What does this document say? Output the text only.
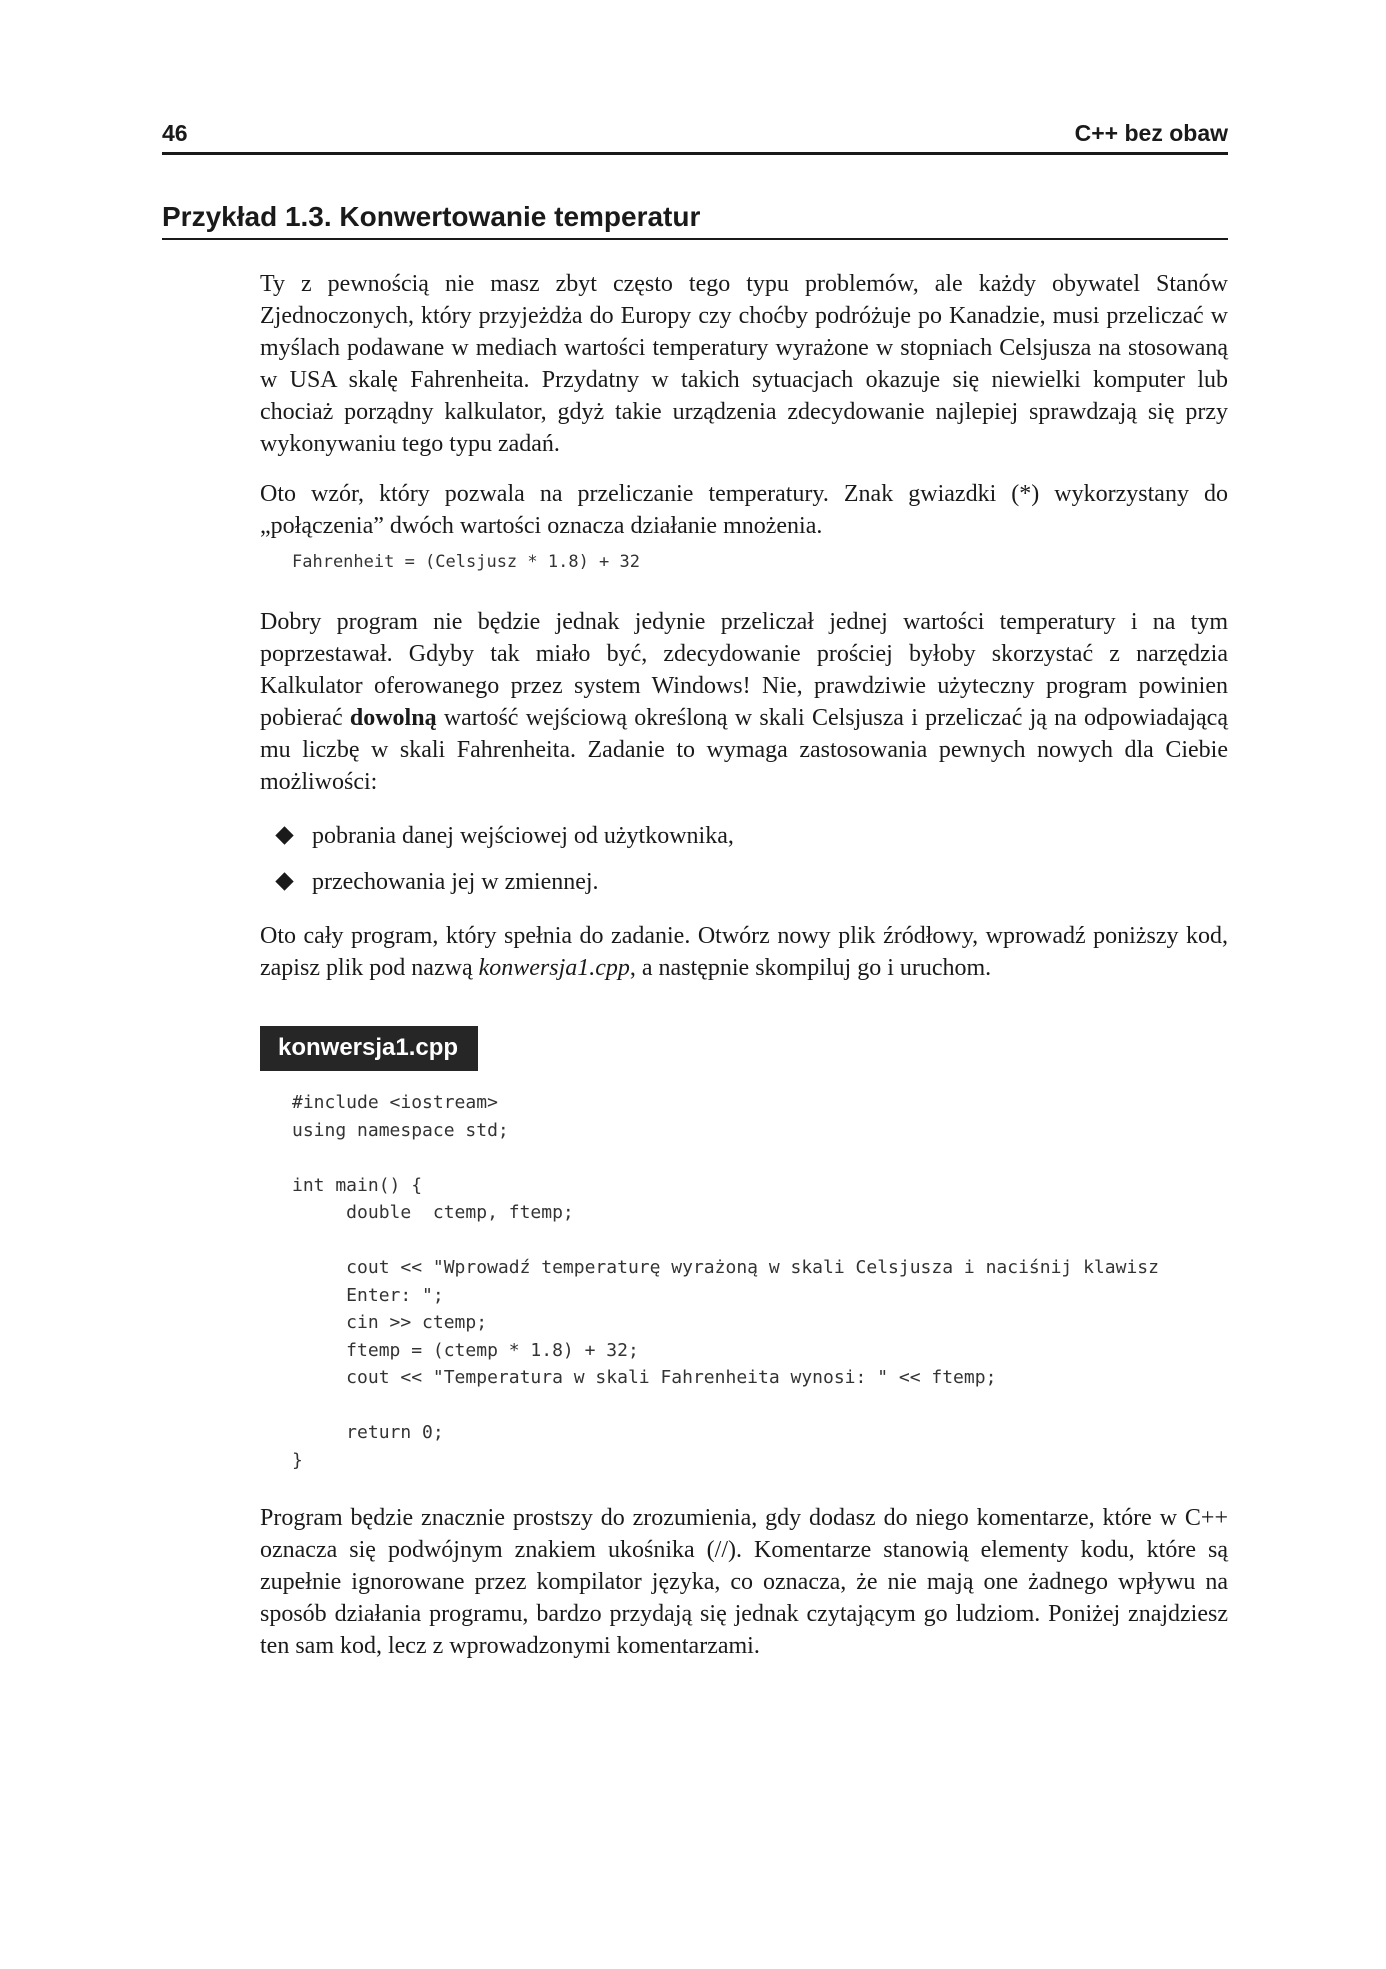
46	C++ bez obaw
Przykład 1.3. Konwertowanie temperatur

Ty z pewnością nie masz zbyt często tego typu problemów, ale każdy obywatel Stanów Zjednoczonych, który przyjeżdża do Europy czy choćby podróżuje po Kanadzie, musi przeliczać w myślach podawane w mediach wartości temperatury wyrażone w stopniach Celsjusza na stosowaną w USA skalę Fahrenheita. Przydatny w takich sytuacjach okazuje się niewielki komputer lub chociaż porządny kalkulator, gdyż takie urządzenia zdecydowanie najlepiej sprawdzają się przy wykonywaniu tego typu zadań.

Oto wzór, który pozwala na przeliczanie temperatury. Znak gwiazdki (*) wykorzystany do „połączenia” dwóch wartości oznacza działanie mnożenia.

Fahrenheit = (Celsjusz * 1.8) + 32

Dobry program nie będzie jednak jedynie przeliczał jednej wartości temperatury i na tym poprzestawał. Gdyby tak miało być, zdecydowanie prościej byłoby skorzystać z narzędzia Kalkulator oferowanego przez system Windows! Nie, prawdziwie użyteczny program powinien pobierać dowolną wartość wejściową określoną w skali Celsjusza i przeliczać ją na odpowiadającą mu liczbę w skali Fahrenheita. Zadanie to wymaga zastosowania pewnych nowych dla Ciebie możliwości:

pobrania danej wejściowej od użytkownika,
przechowania jej w zmiennej.

Oto cały program, który spełnia do zadanie. Otwórz nowy plik źródłowy, wprowadź poniższy kod, zapisz plik pod nazwą konwersja1.cpp, a następnie skompiluj go i uruchom.

konwersja1.cpp
#include <iostream>
using namespace std;
int main() {
double  ctemp, ftemp;
cout << "Wprowadź temperaturę wyrażoną w skali Celsjusza i naciśnij klawisz
Enter: ";
cin >> ctemp;
ftemp = (ctemp * 1.8) + 32;
cout << "Temperatura w skali Fahrenheita wynosi: " << ftemp;
return 0;
}

Program będzie znacznie prostszy do zrozumienia, gdy dodasz do niego komentarze, które w C++ oznacza się podwójnym znakiem ukośnika (//). Komentarze stanowią elementy kodu, które są zupełnie ignorowane przez kompilator języka, co oznacza, że nie mają one żadnego wpływu na sposób działania programu, bardzo przydają się jednak czytającym go ludziom. Poniżej znajdziesz ten sam kod, lecz z wprowadzonymi komentarzami.
